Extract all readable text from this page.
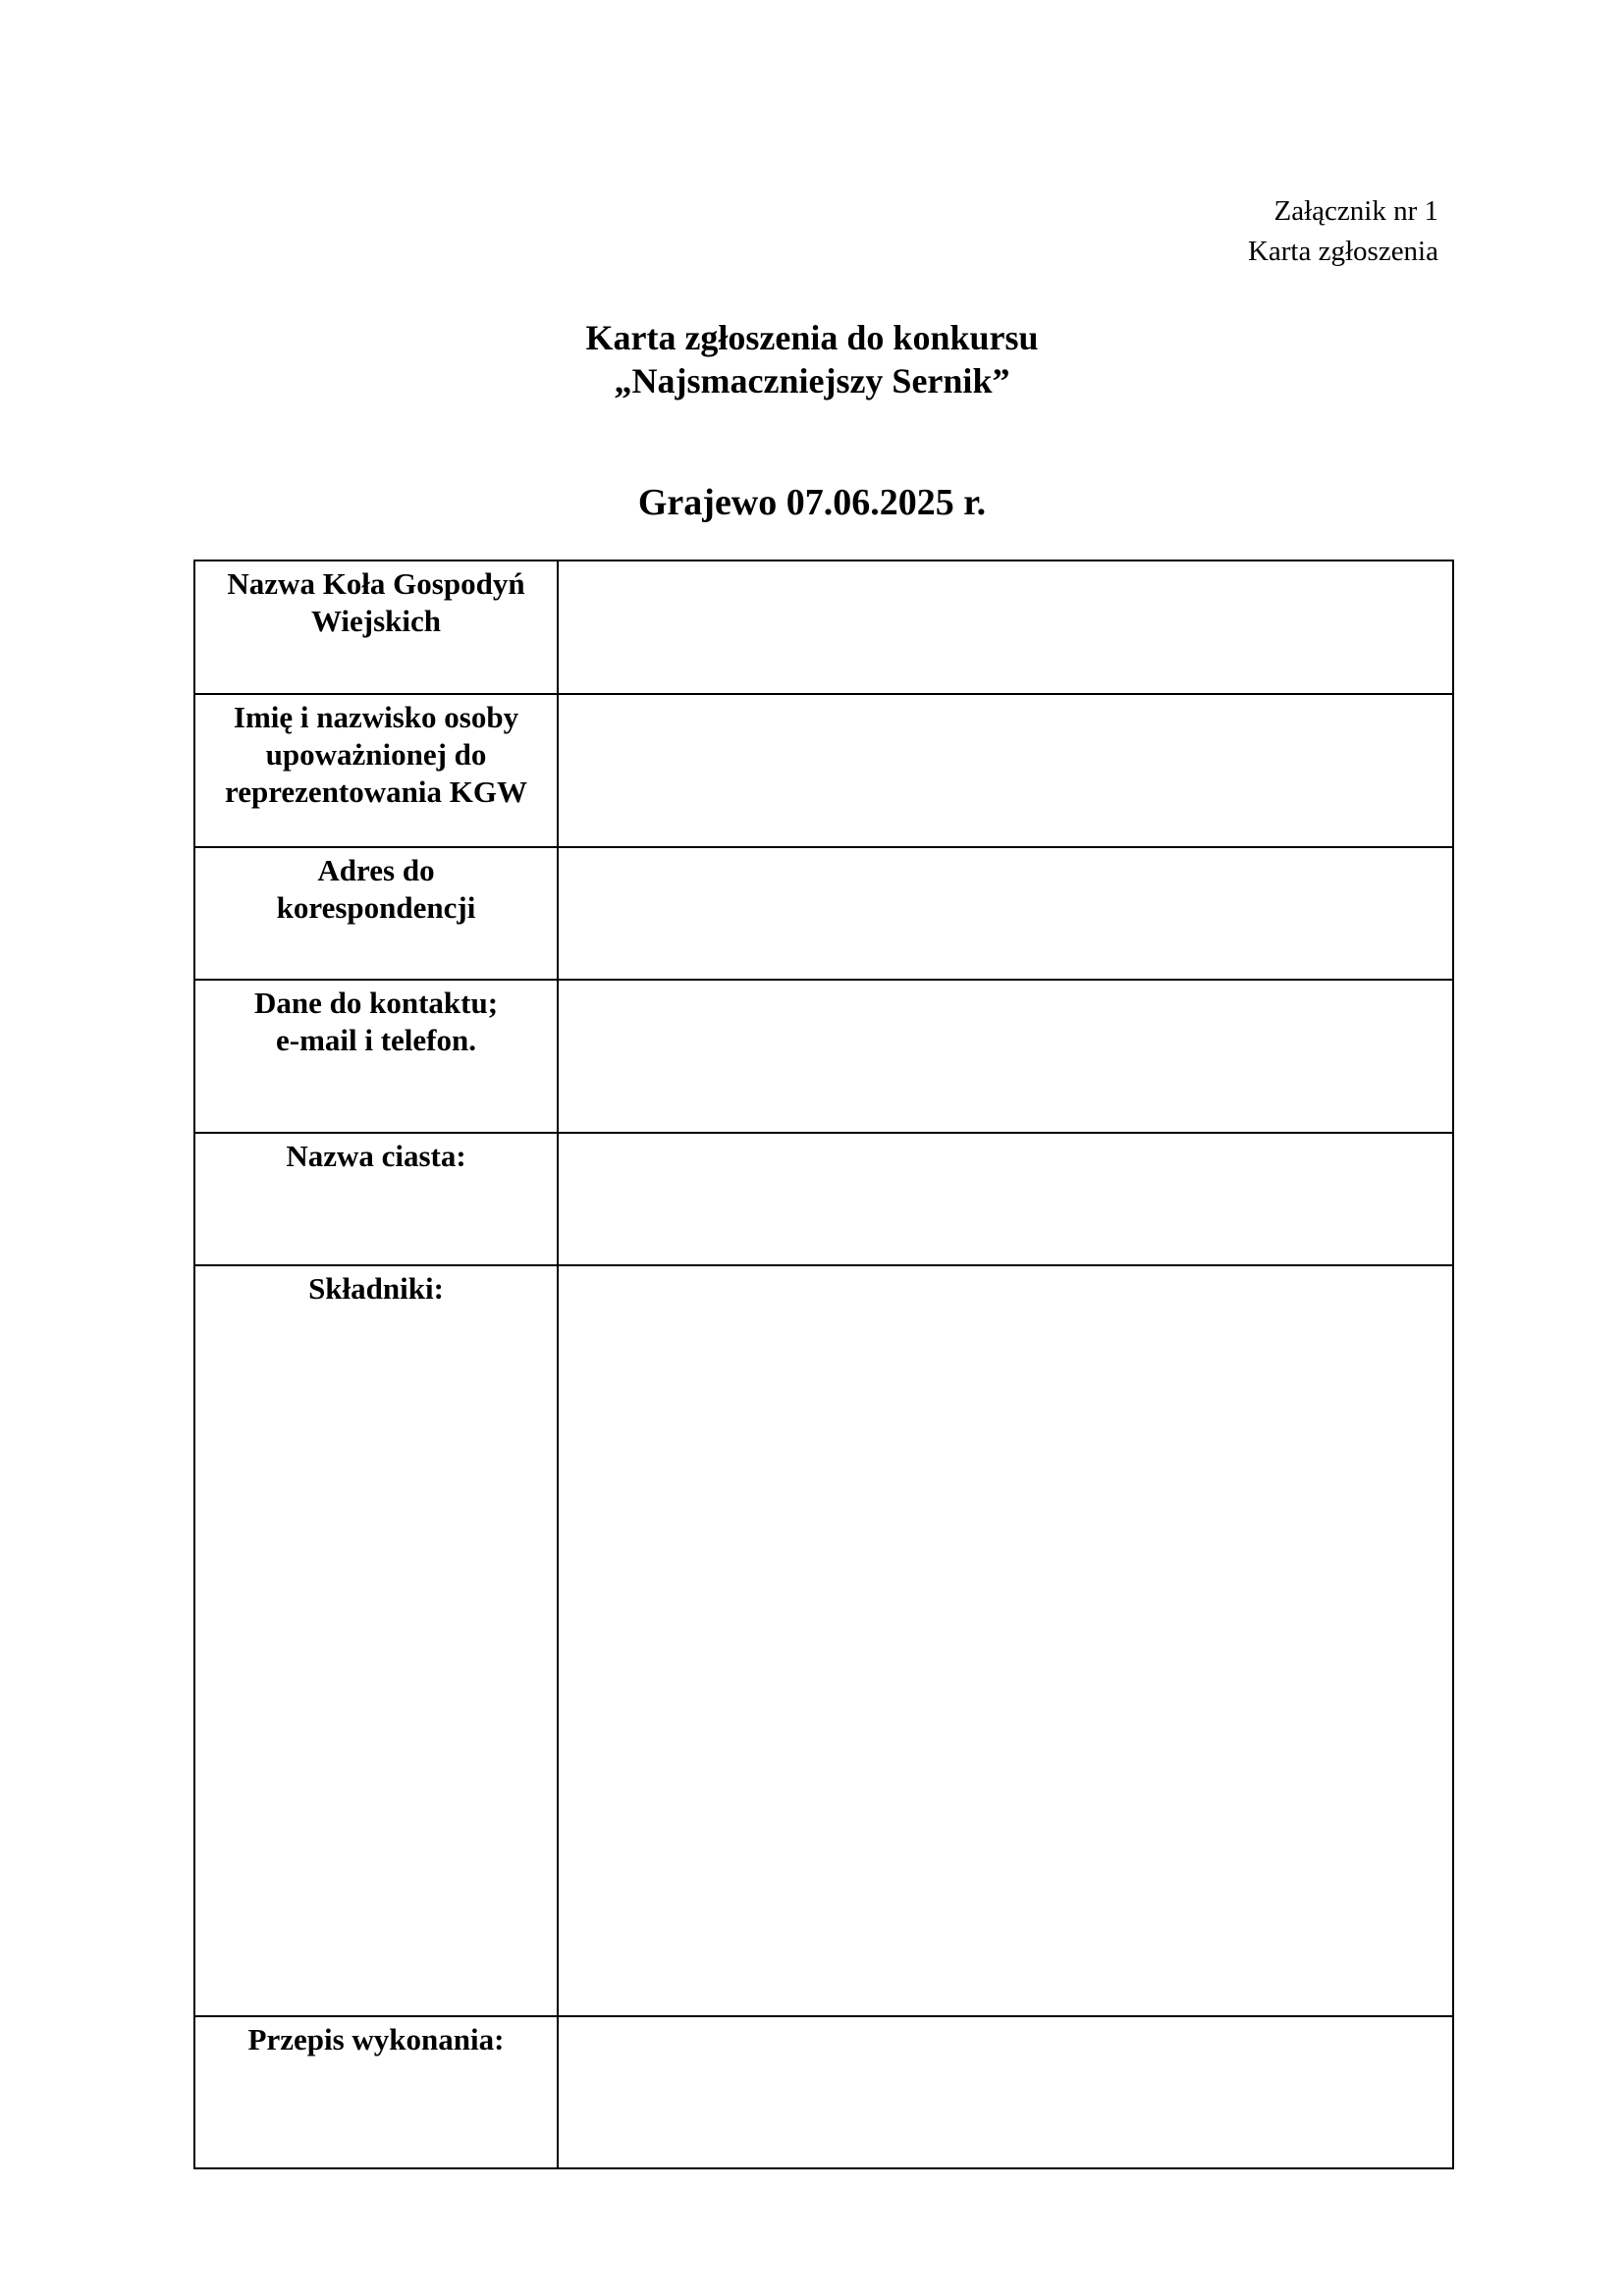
Załącznik nr 1
Karta zgłoszenia
Karta zgłoszenia do konkursu
„Najsmaczniejszy Sernik”
Grajewo 07.06.2025 r.
Nazwa Koła Gospodyń
Wiejskich	

Imię i nazwisko osoby
upoważnionej do
reprezentowania KGW	

Adres do
korespondencji	

Dane do kontaktu;
e-mail i telefon.	

Nazwa ciasta:	

Składniki:	

Przepis wykonania:	
